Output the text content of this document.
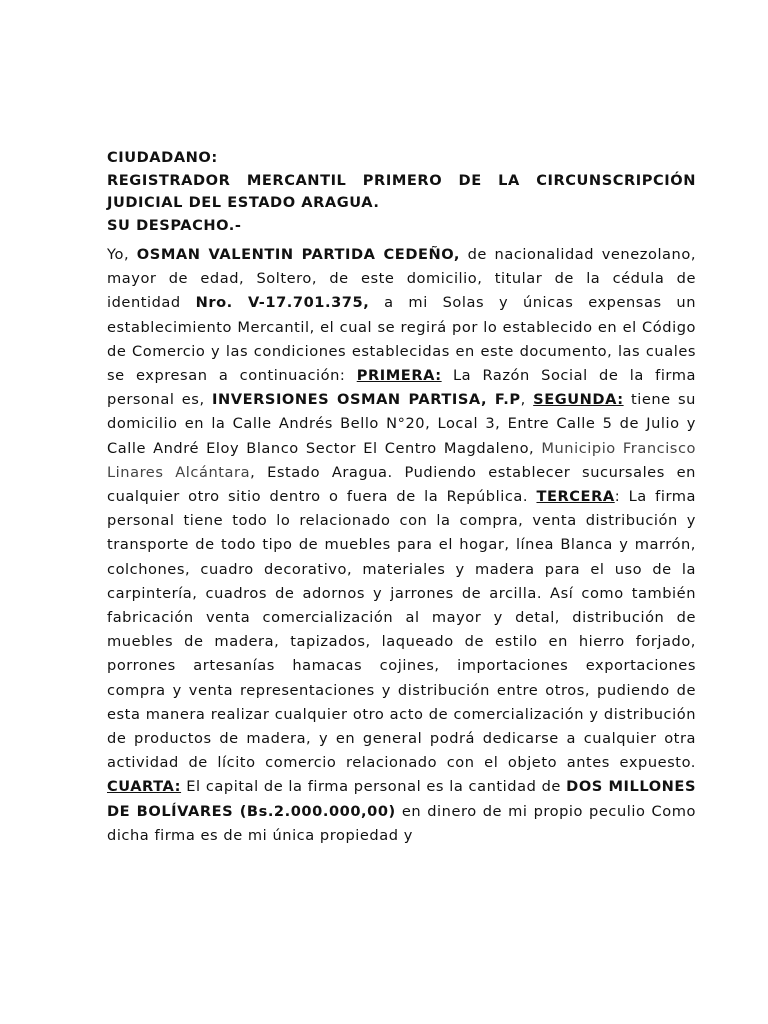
CIUDADANO:
REGISTRADOR MERCANTIL PRIMERO DE LA CIRCUNSCRIPCIÓN JUDICIAL DEL ESTADO ARAGUA.
SU DESPACHO.-
Yo, OSMAN VALENTIN PARTIDA CEDEÑO, de nacionalidad venezolano, mayor de edad, Soltero, de este domicilio, titular de la cédula de identidad Nro. V-17.701.375, a mi Solas y únicas expensas un establecimiento Mercantil, el cual se regirá por lo establecido en el Código de Comercio y las condiciones establecidas en este documento, las cuales se expresan a continuación: PRIMERA: La Razón Social de la firma personal es, INVERSIONES OSMAN PARTISA, F.P, SEGUNDA: tiene su domicilio en la Calle Andrés Bello N°20, Local 3, Entre Calle 5 de Julio y Calle André Eloy Blanco Sector El Centro Magdaleno, Municipio Francisco Linares Alcántara, Estado Aragua. Pudiendo establecer sucursales en cualquier otro sitio dentro o fuera de la República. TERCERA: La firma personal tiene todo lo relacionado con la compra, venta distribución y transporte de todo tipo de muebles para el hogar, línea Blanca y marrón, colchones, cuadro decorativo, materiales y madera para el uso de la carpintería, cuadros de adornos y jarrones de arcilla. Así como también fabricación venta comercialización al mayor y detal, distribución de muebles de madera, tapizados, laqueado de estilo en hierro forjado, porrones artesanías hamacas cojines, importaciones exportaciones compra y venta representaciones y distribución entre otros, pudiendo de esta manera realizar cualquier otro acto de comercialización y distribución de productos de madera, y en general podrá dedicarse a cualquier otra actividad de lícito comercio relacionado con el objeto antes expuesto. CUARTA: El capital de la firma personal es la cantidad de DOS MILLONES DE BOLÍVARES (Bs.2.000.000,00) en dinero de mi propio peculio Como dicha firma es de mi única propiedad y
